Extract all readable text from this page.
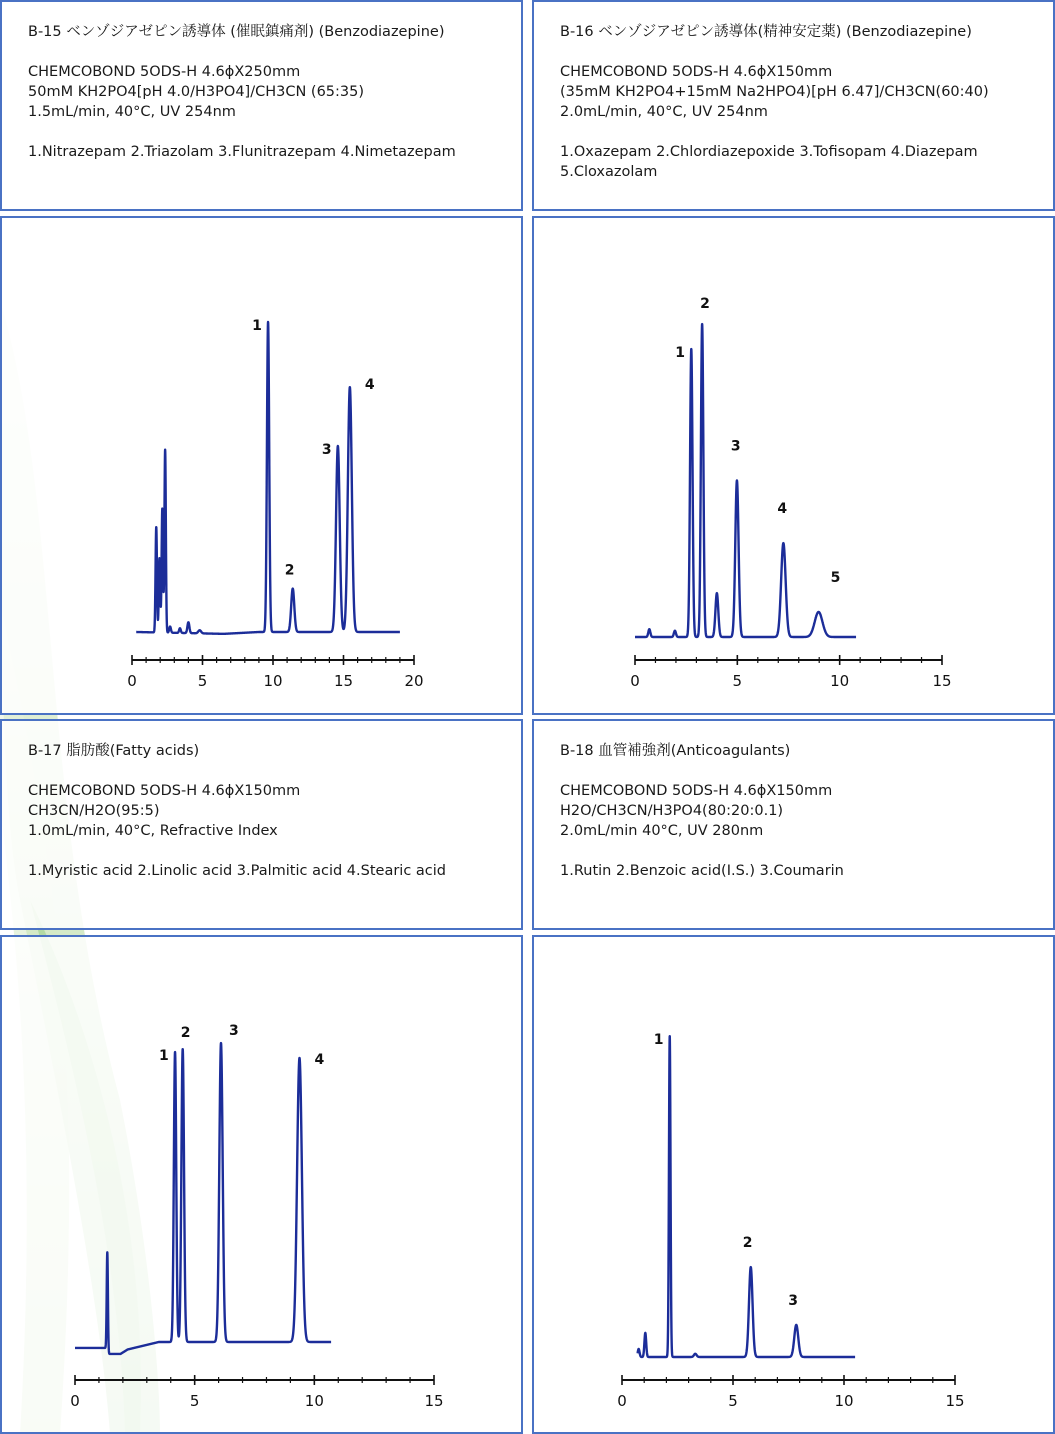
B-15 ベンゾジアゼピン誘導体 (催眠鎮痛剤) (Benzodiazepine)
CHEMCOBOND 5ODS-H 4.6ϕX250mm
50mM KH2PO4[pH 4.0/H3PO4]/CH3CN (65:35)
1.5mL/min, 40°C, UV 254nm
1.Nitrazepam 2.Triazolam 3.Flunitrazepam 4.Nimetazepam
B-16 ベンゾジアゼピン誘導体(精神安定薬) (Benzodiazepine)
CHEMCOBOND 5ODS-H 4.6ϕX150mm
(35mM KH2PO4+15mM Na2HPO4)[pH 6.47]/CH3CN(60:40)
2.0mL/min, 40°C, UV 254nm
1.Oxazepam 2.Chlordiazepoxide 3.Tofisopam 4.Diazepam
5.Cloxazolam
1
2
3
4
0	5	10	15	20
1
2
3
4
5
0	5	10	15
B-17 脂肪酸(Fatty acids)
CHEMCOBOND 5ODS-H 4.6ϕX150mm
CH3CN/H2O(95:5)
1.0mL/min, 40°C, Refractive Index
1.Myristic acid 2.Linolic acid 3.Palmitic acid 4.Stearic acid
B-18 血管補強剤(Anticoagulants)
CHEMCOBOND 5ODS-H 4.6ϕX150mm
H2O/CH3CN/H3PO4(80:20:0.1)
2.0mL/min 40°C, UV 280nm
1.Rutin 2.Benzoic acid(I.S.) 3.Coumarin
1
2	3
4
0	5	10	15
1
2
3
0	5	10	15
